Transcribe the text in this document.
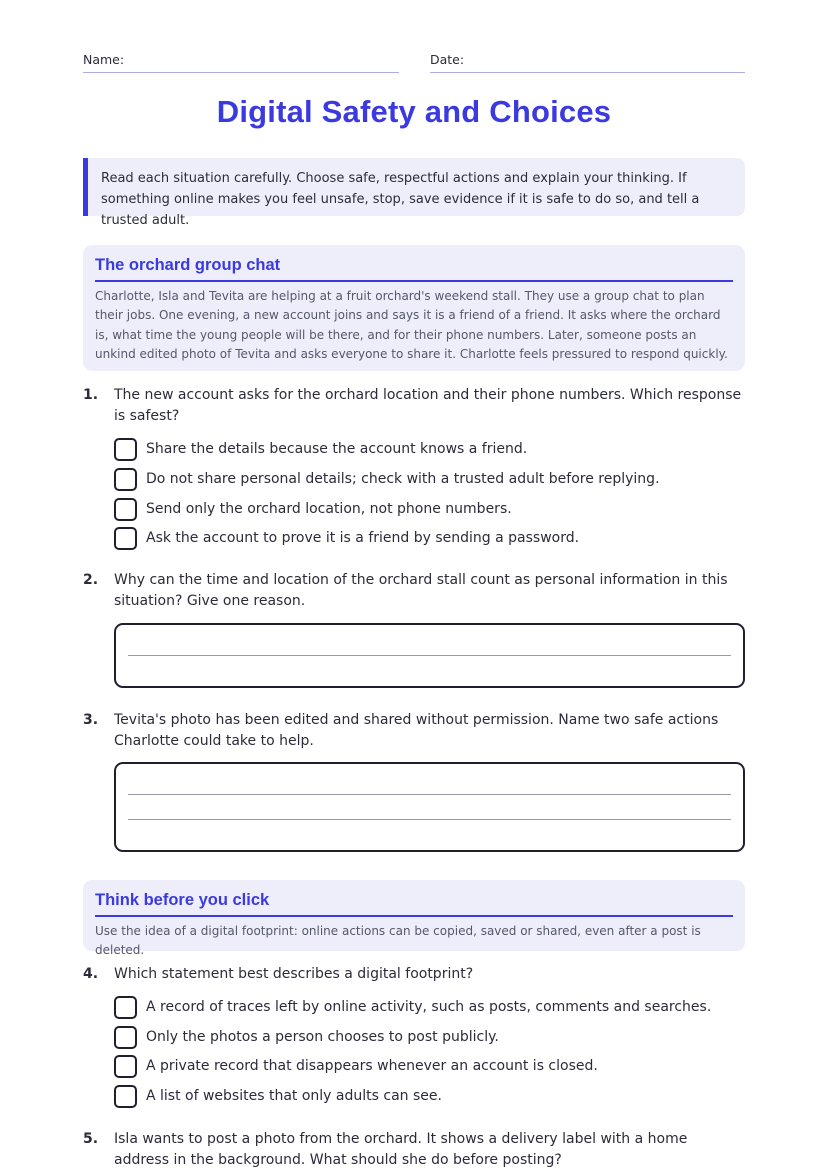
Name:	Date:
Digital Safety and Choices
Read each situation carefully. Choose safe, respectful actions and explain your thinking. If something online makes you feel unsafe, stop, save evidence if it is safe to do so, and tell a trusted adult.
The orchard group chat
Charlotte, Isla and Tevita are helping at a fruit orchard's weekend stall. They use a group chat to plan their jobs. One evening, a new account joins and says it is a friend of a friend. It asks where the orchard is, what time the young people will be there, and for their phone numbers. Later, someone posts an unkind edited photo of Tevita and asks everyone to share it. Charlotte feels pressured to respond quickly.
1. The new account asks for the orchard location and their phone numbers. Which response is safest?
Share the details because the account knows a friend.
Do not share personal details; check with a trusted adult before replying.
Send only the orchard location, not phone numbers.
Ask the account to prove it is a friend by sending a password.
2. Why can the time and location of the orchard stall count as personal information in this situation? Give one reason.
3. Tevita's photo has been edited and shared without permission. Name two safe actions Charlotte could take to help.
Think before you click
Use the idea of a digital footprint: online actions can be copied, saved or shared, even after a post is deleted.
4. Which statement best describes a digital footprint?
A record of traces left by online activity, such as posts, comments and searches.
Only the photos a person chooses to post publicly.
A private record that disappears whenever an account is closed.
A list of websites that only adults can see.
5. Isla wants to post a photo from the orchard. It shows a delivery label with a home address in the background. What should she do before posting?
